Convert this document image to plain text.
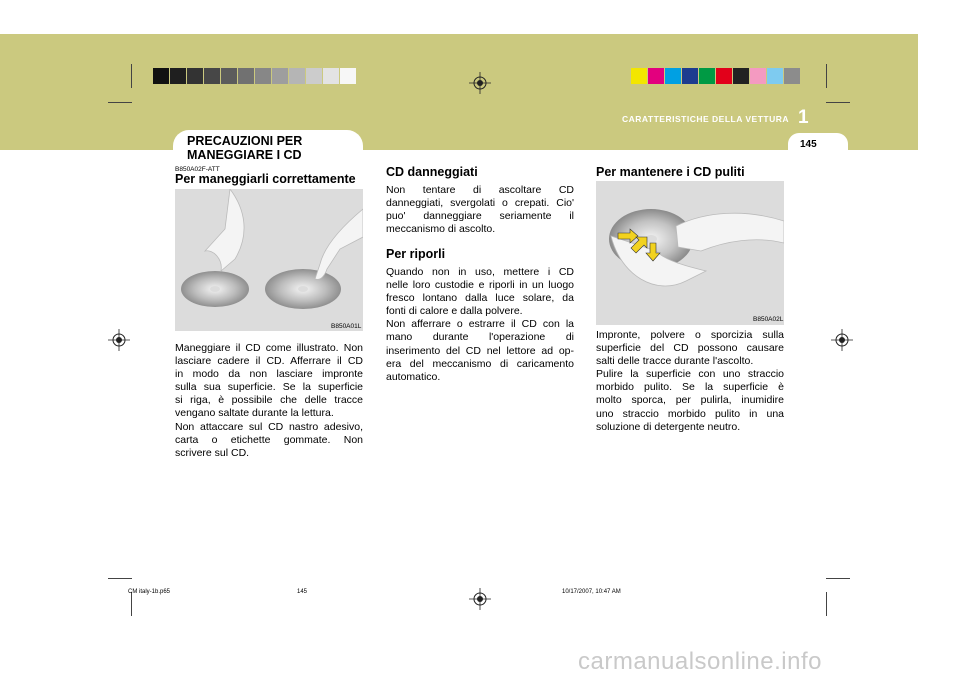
CARATTERISTICHE DELLA VETTURA 1
145
PRECAUZIONI PER
MANEGGIARE I CD
B850A02F-ATT
Per maneggiarli correttamente
B850A01L
Maneggiare il CD come illustrato. Non
lasciare cadere il CD. Afferrare il CD
in modo da non lasciare impronte
sulla sua superficie. Se la superficie
si riga, è possibile che delle tracce
vengano saltate durante la lettura.
Non attaccare sul CD nastro adesivo,
carta o etichette gommate. Non
scrivere sul CD.
CD danneggiati
Non tentare di ascoltare CD
danneggiati, svergolati o crepati. Cio'
puo' danneggiare seriamente il
meccanismo di ascolto.
Per riporli
Quando non in uso, mettere i CD
nelle loro custodie e riporli in un luogo
fresco lontano dalla luce solare, da
fonti di calore e dalla polvere.
Non afferrare o estrarre il CD con la
mano durante l'operazione di
inserimento del CD nel lettore ad op-
era del meccanismo di caricamento
automatico.
Per mantenere i CD puliti
B850A02L
Impronte, polvere o sporcizia sulla
superficie del CD possono causare
salti delle tracce durante l'ascolto.
Pulire la superficie con uno straccio
morbido pulito. Se la superficie è
molto sporca, per pulirla, inumidire
uno straccio morbido pulito in una
soluzione di detergente neutro.
CM italy-1b.p65	145	10/17/2007, 10:47 AM
carmanualsonline.info
